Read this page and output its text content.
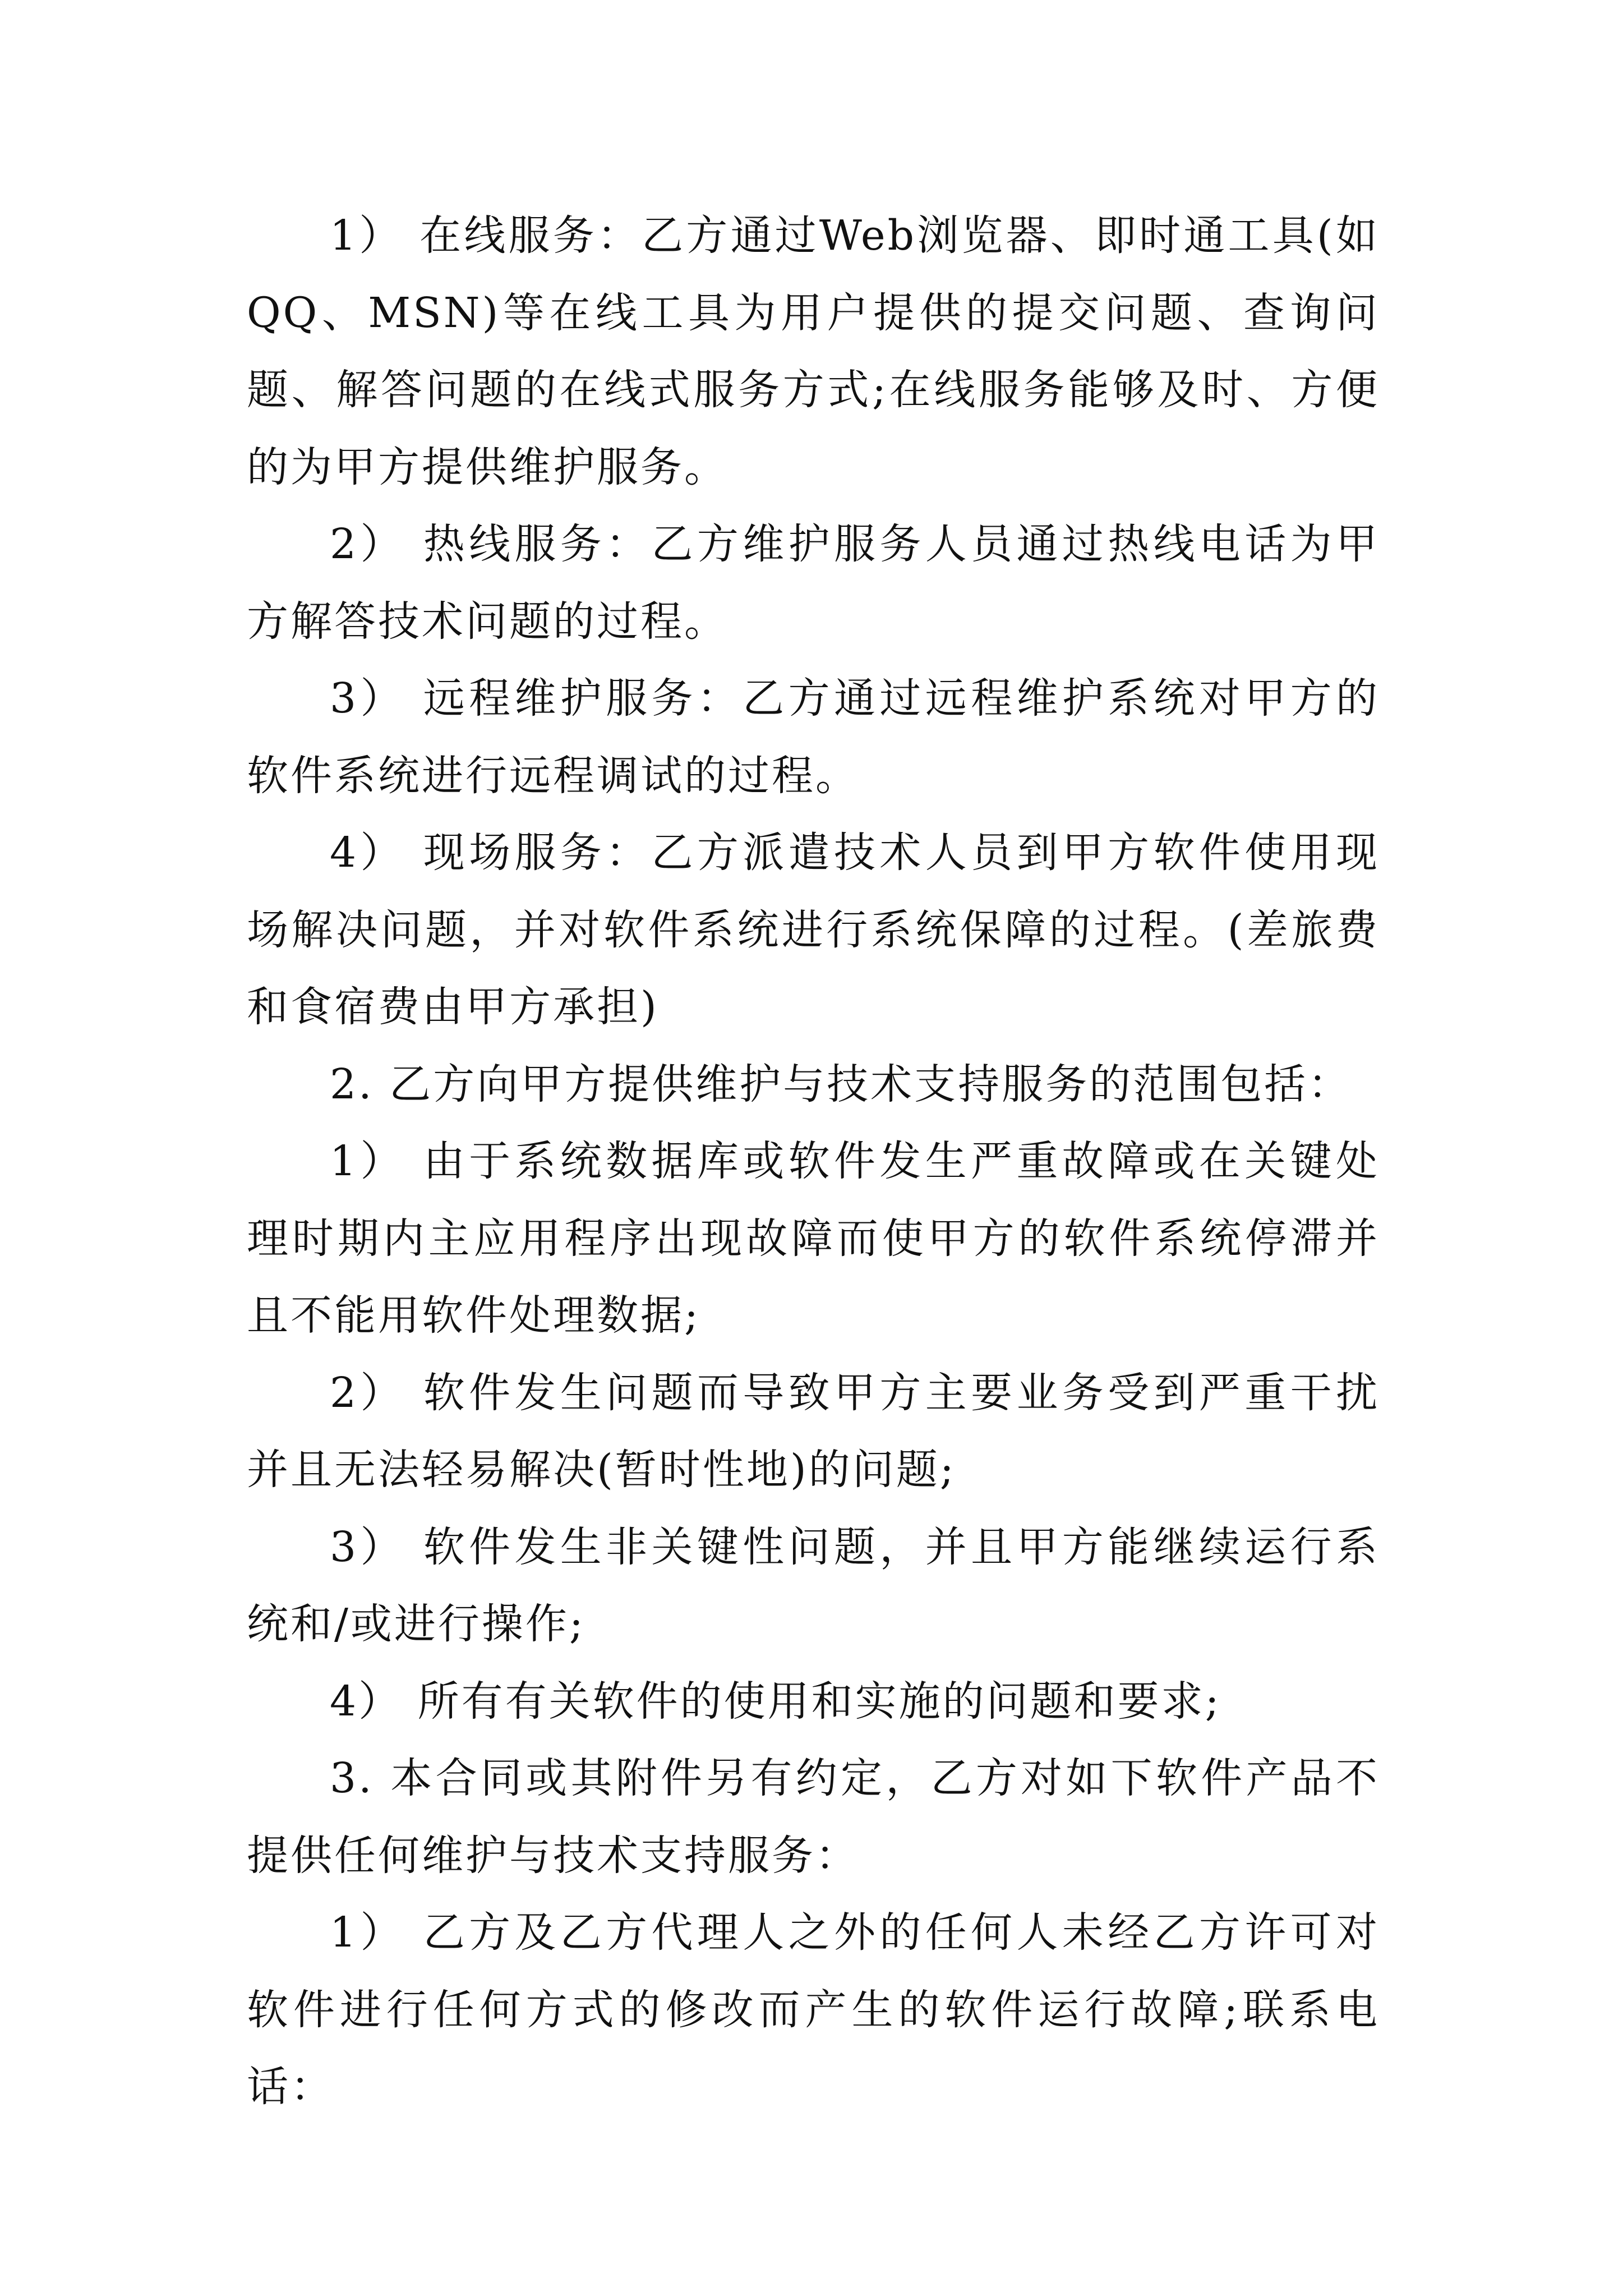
1） 在线服务：乙方通过Web浏览器、即时通工具(如QQ、MSN)等在线工具为用户提供的提交问题、查询问题、解答问题的在线式服务方式;在线服务能够及时、方便的为甲方提供维护服务。

2） 热线服务：乙方维护服务人员通过热线电话为甲方解答技术问题的过程。

3） 远程维护服务：乙方通过远程维护系统对甲方的软件系统进行远程调试的过程。

4） 现场服务：乙方派遣技术人员到甲方软件使用现场解决问题，并对软件系统进行系统保障的过程。(差旅费和食宿费由甲方承担)

2. 乙方向甲方提供维护与技术支持服务的范围包括：

1） 由于系统数据库或软件发生严重故障或在关键处理时期内主应用程序出现故障而使甲方的软件系统停滞并且不能用软件处理数据;

2） 软件发生问题而导致甲方主要业务受到严重干扰并且无法轻易解决(暂时性地)的问题;

3） 软件发生非关键性问题，并且甲方能继续运行系统和/或进行操作;

4） 所有有关软件的使用和实施的问题和要求;

3. 本合同或其附件另有约定，乙方对如下软件产品不提供任何维护与技术支持服务：

1） 乙方及乙方代理人之外的任何人未经乙方许可对软件进行任何方式的修改而产生的软件运行故障;联系电话：
